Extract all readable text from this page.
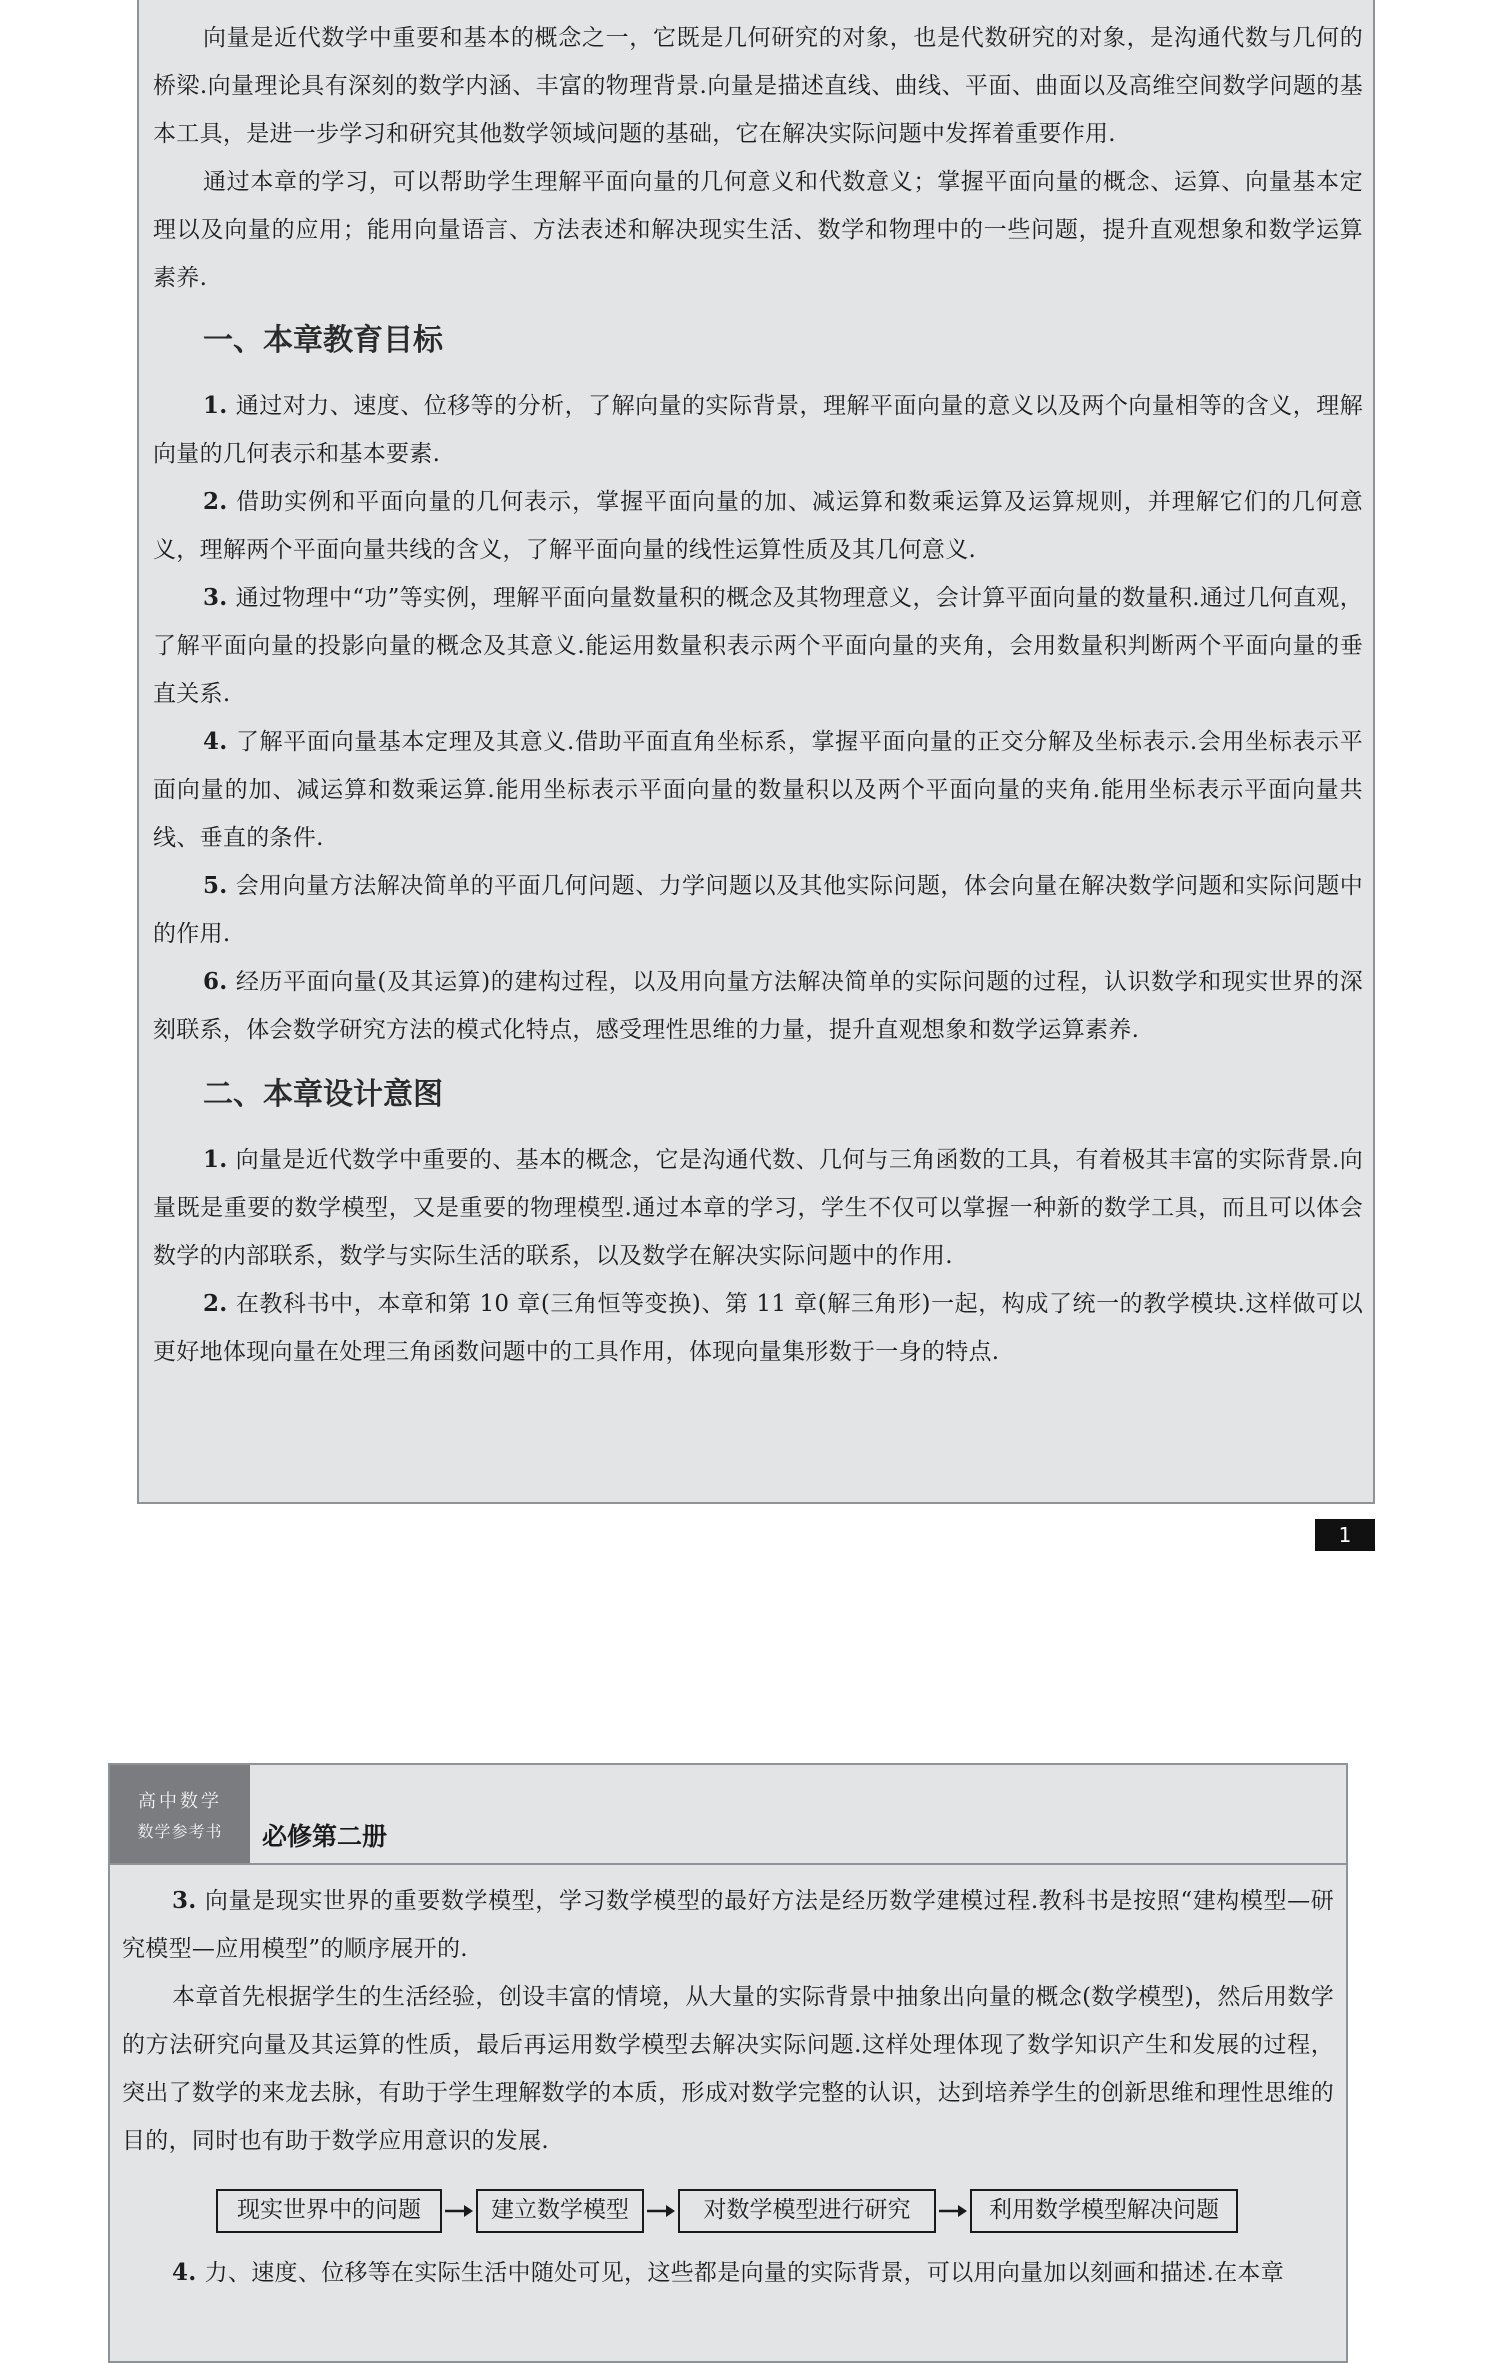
向量是近代数学中重要和基本的概念之一，它既是几何研究的对象，也是代数研究的对象，是沟通代数与几何的桥梁.向量理论具有深刻的数学内涵、丰富的物理背景.向量是描述直线、曲线、平面、曲面以及高维空间数学问题的基本工具，是进一步学习和研究其他数学领域问题的基础，它在解决实际问题中发挥着重要作用.

通过本章的学习，可以帮助学生理解平面向量的几何意义和代数意义；掌握平面向量的概念、运算、向量基本定理以及向量的应用；能用向量语言、方法表述和解决现实生活、数学和物理中的一些问题，提升直观想象和数学运算素养.

一、本章教育目标

1. 通过对力、速度、位移等的分析，了解向量的实际背景，理解平面向量的意义以及两个向量相等的含义，理解向量的几何表示和基本要素.

2. 借助实例和平面向量的几何表示，掌握平面向量的加、减运算和数乘运算及运算规则，并理解它们的几何意义，理解两个平面向量共线的含义，了解平面向量的线性运算性质及其几何意义.

3. 通过物理中“功”等实例，理解平面向量数量积的概念及其物理意义，会计算平面向量的数量积.通过几何直观，了解平面向量的投影向量的概念及其意义.能运用数量积表示两个平面向量的夹角，会用数量积判断两个平面向量的垂直关系.

4. 了解平面向量基本定理及其意义.借助平面直角坐标系，掌握平面向量的正交分解及坐标表示.会用坐标表示平面向量的加、减运算和数乘运算.能用坐标表示平面向量的数量积以及两个平面向量的夹角.能用坐标表示平面向量共线、垂直的条件.

5. 会用向量方法解决简单的平面几何问题、力学问题以及其他实际问题，体会向量在解决数学问题和实际问题中的作用.

6. 经历平面向量(及其运算)的建构过程，以及用向量方法解决简单的实际问题的过程，认识数学和现实世界的深刻联系，体会数学研究方法的模式化特点，感受理性思维的力量，提升直观想象和数学运算素养.

二、本章设计意图

1. 向量是近代数学中重要的、基本的概念，它是沟通代数、几何与三角函数的工具，有着极其丰富的实际背景.向量既是重要的数学模型，又是重要的物理模型.通过本章的学习，学生不仅可以掌握一种新的数学工具，而且可以体会数学的内部联系，数学与实际生活的联系，以及数学在解决实际问题中的作用.

2. 在教科书中，本章和第 10 章(三角恒等变换)、第 11 章(解三角形)一起，构成了统一的教学模块.这样做可以更好地体现向量在处理三角函数问题中的工具作用，体现向量集形数于一身的特点.

1
高中数学
数学参考书	必修第二册

3. 向量是现实世界的重要数学模型，学习数学模型的最好方法是经历数学建模过程.教科书是按照“建构模型—研究模型—应用模型”的顺序展开的.

本章首先根据学生的生活经验，创设丰富的情境，从大量的实际背景中抽象出向量的概念(数学模型)，然后用数学的方法研究向量及其运算的性质，最后再运用数学模型去解决实际问题.这样处理体现了数学知识产生和发展的过程，突出了数学的来龙去脉，有助于学生理解数学的本质，形成对数学完整的认识，达到培养学生的创新思维和理性思维的目的，同时也有助于数学应用意识的发展.

现实世界中的问题	建立数学模型	对数学模型进行研究	利用数学模型解决问题

4. 力、速度、位移等在实际生活中随处可见，这些都是向量的实际背景，可以用向量加以刻画和描述.在本章
